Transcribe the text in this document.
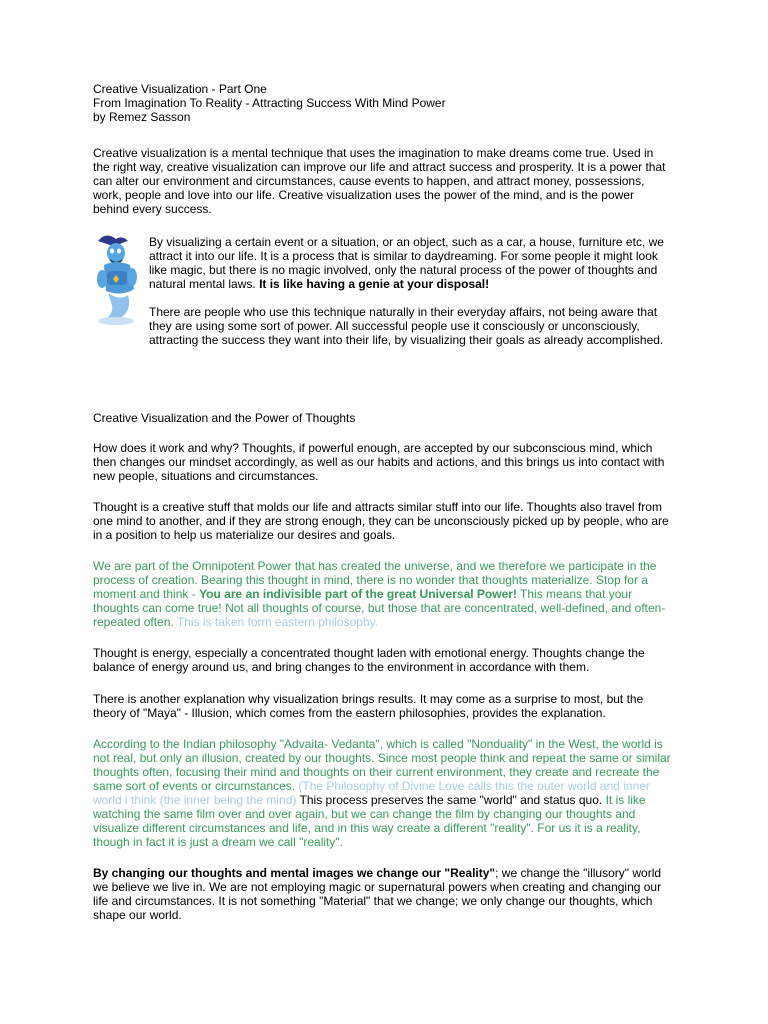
Creative Visualization - Part One

From Imagination To Reality - Attracting Success With Mind Power

by Remez Sasson

Creative visualization is a mental technique that uses the imagination to make dreams come true. Used in the right way, creative visualization can improve our life and attract success and prosperity. It is a power that can alter our environment and circumstances, cause events to happen, and attract money, possessions, work, people and love into our life. Creative visualization uses the power of the mind, and is the power behind every success.

By visualizing a certain event or a situation, or an object, such as a car, a house, furniture etc, we attract it into our life. It is a process that is similar to daydreaming. For some people it might look like magic, but there is no magic involved, only the natural process of the power of thoughts and natural mental laws. It is like having a genie at your disposal!

There are people who use this technique naturally in their everyday affairs, not being aware that they are using some sort of power. All successful people use it consciously or unconsciously, attracting the success they want into their life, by visualizing their goals as already accomplished.

Creative Visualization and the Power of Thoughts

How does it work and why? Thoughts, if powerful enough, are accepted by our subconscious mind, which then changes our mindset accordingly, as well as our habits and actions, and this brings us into contact with new people, situations and circumstances.

Thought is a creative stuff that molds our life and attracts similar stuff into our life. Thoughts also travel from one mind to another, and if they are strong enough, they can be unconsciously picked up by people, who are in a position to help us materialize our desires and goals.

We are part of the Omnipotent Power that has created the universe, and we therefore we participate in the process of creation. Bearing this thought in mind, there is no wonder that thoughts materialize. Stop for a moment and think - You are an indivisible part of the great Universal Power! This means that your thoughts can come true! Not all thoughts of course, but those that are concentrated, well-defined, and often-repeated often. This is taken form eastern philosophy.

Thought is energy, especially a concentrated thought laden with emotional energy. Thoughts change the balance of energy around us, and bring changes to the environment in accordance with them.

There is another explanation why visualization brings results. It may come as a surprise to most, but the theory of "Maya" - Illusion, which comes from the eastern philosophies, provides the explanation.

According to the Indian philosophy "Advaita- Vedanta", which is called "Nonduality" in the West, the world is not real, but only an illusion, created by our thoughts. Since most people think and repeat the same or similar thoughts often, focusing their mind and thoughts on their current environment, they create and recreate the same sort of events or circumstances. (The Philosophy of Divine Love calls this the outer world and inner world i think (the inner being the mind) This process preserves the same "world" and status quo. It is like watching the same film over and over again, but we can change the film by changing our thoughts and visualize different circumstances and life, and in this way create a different "reality". For us it is a reality, though in fact it is just a dream we call "reality".

By changing our thoughts and mental images we change our "Reality"; we change the "illusory" world we believe we live in. We are not employing magic or supernatural powers when creating and changing our life and circumstances. It is not something "Material" that we change; we only change our thoughts, which shape our world.
